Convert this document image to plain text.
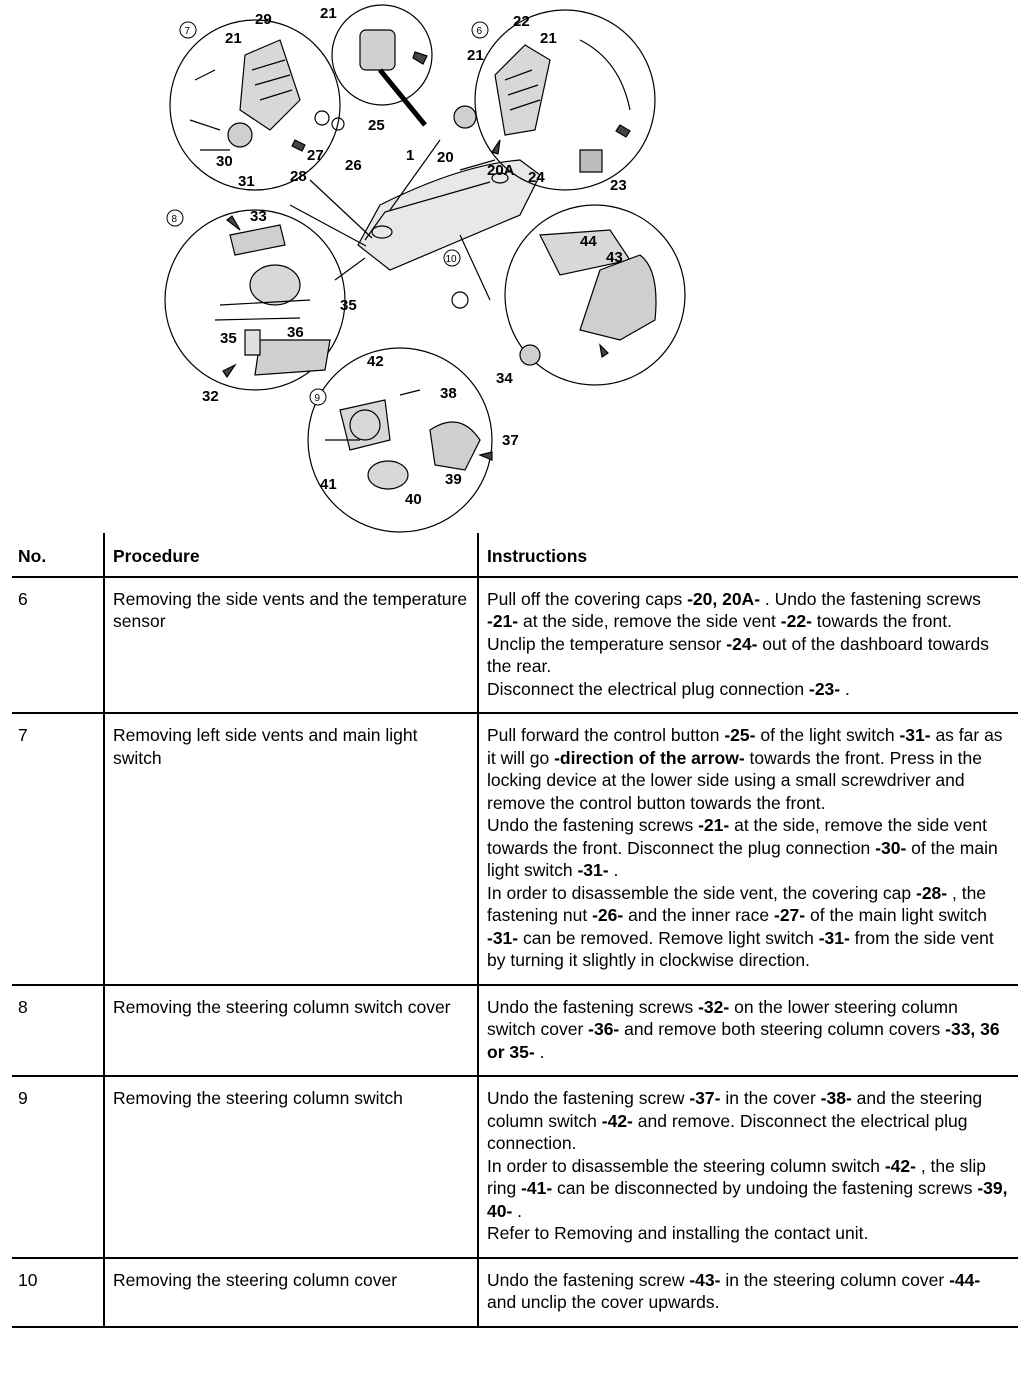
7	6
8
10
9
29
21
21
25
30
31
27
28
26
1
22
21
21
20
20A 24	23
33
35
35	36
32
44
43
34
42
38
37
41	39
40
No.	Procedure	Instructions
6	Removing the side vents and the temperature sensor	Pull off the covering caps -20, 20A- . Undo the fastening screws -21- at the side, remove the side vent -22- towards the front.
Unclip the temperature sensor -24- out of the dashboard towards the rear.
Disconnect the electrical plug connection -23- .

7	Removing left side vents and main light switch	Pull forward the control button -25- of the light switch -31- as far as it will go -direction of the arrow- towards the front. Press in the locking device at the lower side using a small screwdriver and remove the control button towards the front.
Undo the fastening screws -21- at the side, remove the side vent towards the front. Disconnect the plug connection -30- of the main light switch -31- .
In order to disassemble the side vent, the covering cap -28- , the fastening nut -26- and the inner race -27- of the main light switch -31- can be removed. Remove light switch -31- from the side vent by turning it slightly in clockwise direction.

8	Removing the steering column switch cover	Undo the fastening screws -32- on the lower steering column switch cover -36- and remove both steering column covers -33, 36 or 35- .

9	Removing the steering column switch	Undo the fastening screw -37- in the cover -38- and the steering column switch -42- and remove. Disconnect the electrical plug connection.
In order to disassemble the steering column switch -42- , the slip ring -41- can be disconnected by undoing the fastening screws -39, 40- .
Refer to Removing and installing the contact unit.

10	Removing the steering column cover	Undo the fastening screw -43- in the steering column cover -44- and unclip the cover upwards.
